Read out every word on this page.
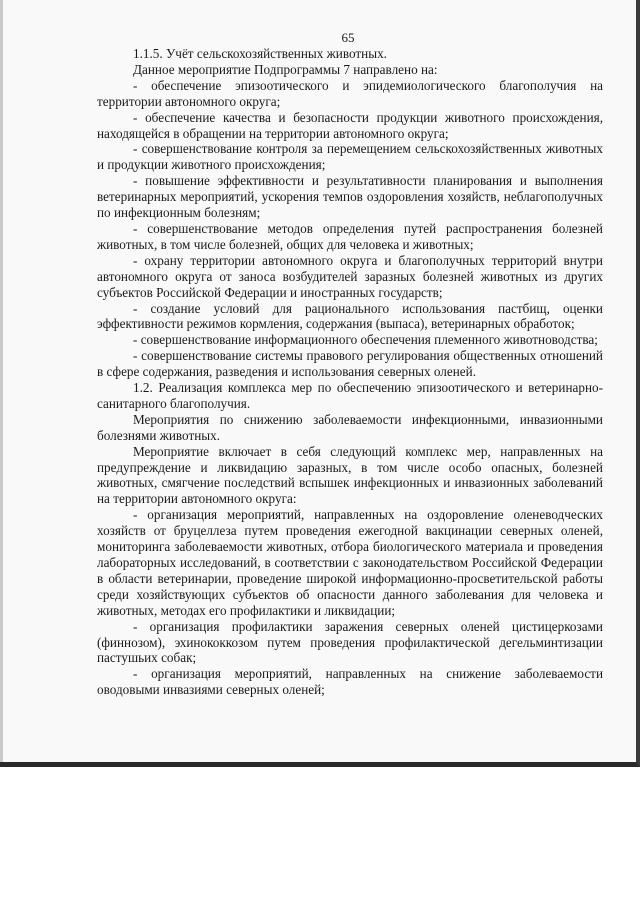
65

1.1.5. Учёт сельскохозяйственных животных.

Данное мероприятие Подпрограммы 7 направлено на:

- обеспечение эпизоотического и эпидемиологического благополучия на территории автономного округа;

- обеспечение качества и безопасности продукции животного происхождения, находящейся в обращении на территории автономного округа;

- совершенствование контроля за перемещением сельскохозяйственных животных и продукции животного происхождения;

- повышение эффективности и результативности планирования и выполнения ветеринарных мероприятий, ускорения темпов оздоровления хозяйств, неблагополучных по инфекционным болезням;

- совершенствование методов определения путей распространения болезней животных, в том числе болезней, общих для человека и животных;

- охрану территории автономного округа и благополучных территорий внутри автономного округа от заноса возбудителей заразных болезней животных из других субъектов Российской Федерации и иностранных государств;

- создание условий для рационального использования пастбищ, оценки эффективности режимов кормления, содержания (выпаса), ветеринарных обработок;

- совершенствование информационного обеспечения племенного животноводства;

- совершенствование системы правового регулирования общественных отношений в сфере содержания, разведения и использования северных оленей.

1.2. Реализация комплекса мер по обеспечению эпизоотического и ветеринарно-санитарного благополучия.

Мероприятия по снижению заболеваемости инфекционными, инвазионными болезнями животных.

Мероприятие включает в себя следующий комплекс мер, направленных на предупреждение и ликвидацию заразных, в том числе особо опасных, болезней животных, смягчение последствий вспышек инфекционных и инвазионных заболеваний на территории автономного округа:

- организация мероприятий, направленных на оздоровление оленеводческих хозяйств от бруцеллеза путем проведения ежегодной вакцинации северных оленей, мониторинга заболеваемости животных, отбора биологического материала и проведения лабораторных исследований, в соответствии с законодательством Российской Федерации в области ветеринарии, проведение широкой информационно-просветительской работы среди хозяйствующих субъектов об опасности данного заболевания для человека и животных, методах его профилактики и ликвидации;

- организация профилактики заражения северных оленей цистицеркозами (финнозом), эхинококкозом путем проведения профилактической дегельминтизации пастушьих собак;

- организация мероприятий, направленных на снижение заболеваемости оводовыми инвазиями северных оленей;
